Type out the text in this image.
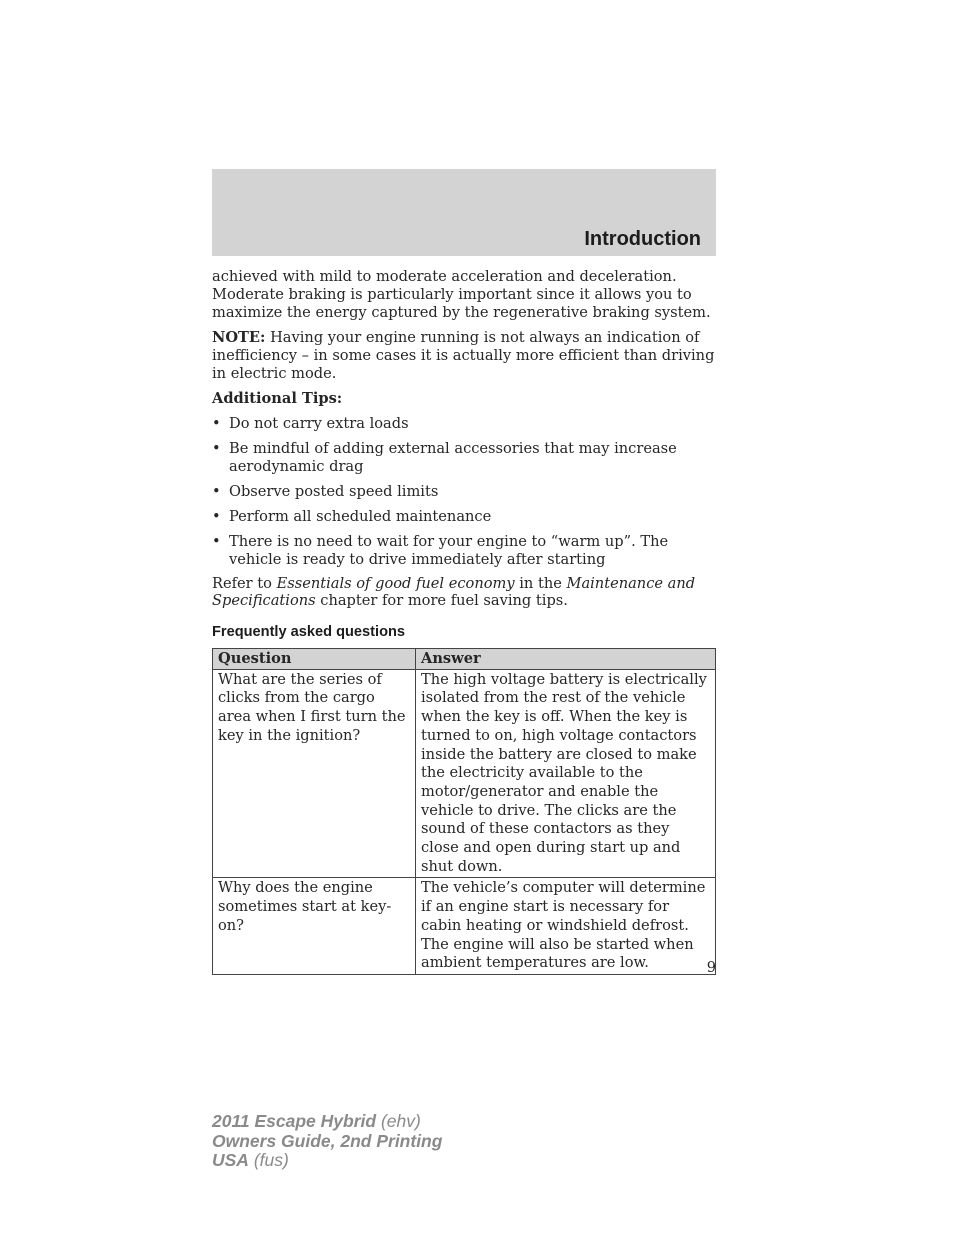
Introduction

achieved with mild to moderate acceleration and deceleration. Moderate braking is particularly important since it allows you to maximize the energy captured by the regenerative braking system.

NOTE: Having your engine running is not always an indication of inefficiency – in some cases it is actually more efficient than driving in electric mode.

Additional Tips:

• Do not carry extra loads
• Be mindful of adding external accessories that may increase aerodynamic drag
• Observe posted speed limits
• Perform all scheduled maintenance
• There is no need to wait for your engine to “warm up”. The vehicle is ready to drive immediately after starting

Refer to Essentials of good fuel economy in the Maintenance and Specifications chapter for more fuel saving tips.

Frequently asked questions
Question	Answer
What are the series of clicks from the cargo area when I first turn the key in the ignition?	The high voltage battery is electrically isolated from the rest of the vehicle when the key is off. When the key is turned to on, high voltage contactors inside the battery are closed to make the electricity available to the motor/generator and enable the vehicle to drive. The clicks are the sound of these contactors as they close and open during start up and shut down.
Why does the engine sometimes start at key-on?	The vehicle’s computer will determine if an engine start is necessary for cabin heating or windshield defrost. The engine will also be started when ambient temperatures are low.	9
2011 Escape Hybrid (ehv)
Owners Guide, 2nd Printing
USA (fus)
